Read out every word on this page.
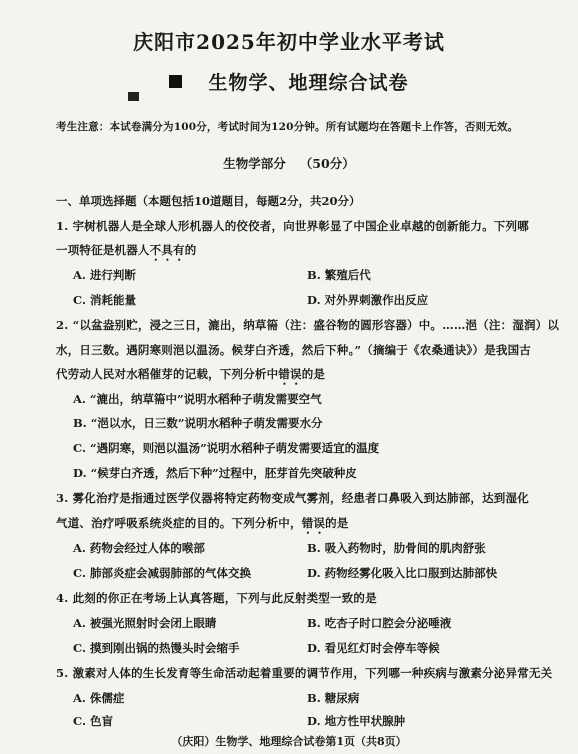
庆阳市2025年初中学业水平考试
生物学、地理综合试卷
考生注意：本试卷满分为100分，考试时间为120分钟。所有试题均在答题卡上作答，否则无效。
生物学部分 （50分）
一、单项选择题（本题包括10道题目，每题2分，共20分）
1. 宇树机器人是全球人形机器人的佼佼者，向世界彰显了中国企业卓越的创新能力。下列哪
一项特征是机器人不具有的
A. 进行判断	B. 繁殖后代
C. 消耗能量	D. 对外界刺激作出反应
2. “以盆盎别贮，浸之三日，漉出，纳草篅（注：盛谷物的圆形容器）中。……浥（注：湿润）以
水，日三数。遇阴寒则浥以温汤。候芽白齐透，然后下种。”（摘编于《农桑通诀》）是我国古
代劳动人民对水稻催芽的记载，下列分析中错误的是
A. “漉出，纳草篅中”说明水稻种子萌发需要空气
B. “浥以水，日三数”说明水稻种子萌发需要水分
C. “遇阴寒，则浥以温汤”说明水稻种子萌发需要适宜的温度
D. “候芽白齐透，然后下种”过程中，胚芽首先突破种皮
3. 雾化治疗是指通过医学仪器将特定药物变成气雾剂，经患者口鼻吸入到达肺部，达到湿化
气道、治疗呼吸系统炎症的目的。下列分析中，错误的是
A. 药物会经过人体的喉部	B. 吸入药物时，肋骨间的肌肉舒张
C. 肺部炎症会减弱肺部的气体交换	D. 药物经雾化吸入比口服到达肺部快
4. 此刻的你正在考场上认真答题，下列与此反射类型一致的是
A. 被强光照射时会闭上眼睛	B. 吃杏子时口腔会分泌唾液
C. 摸到刚出锅的热馒头时会缩手	D. 看见红灯时会停车等候
5. 激素对人体的生长发育等生命活动起着重要的调节作用，下列哪一种疾病与激素分泌异常无关
A. 侏儒症	B. 糖尿病
C. 色盲	D. 地方性甲状腺肿
（庆阳）生物学、地理综合试卷第1页（共8页）
